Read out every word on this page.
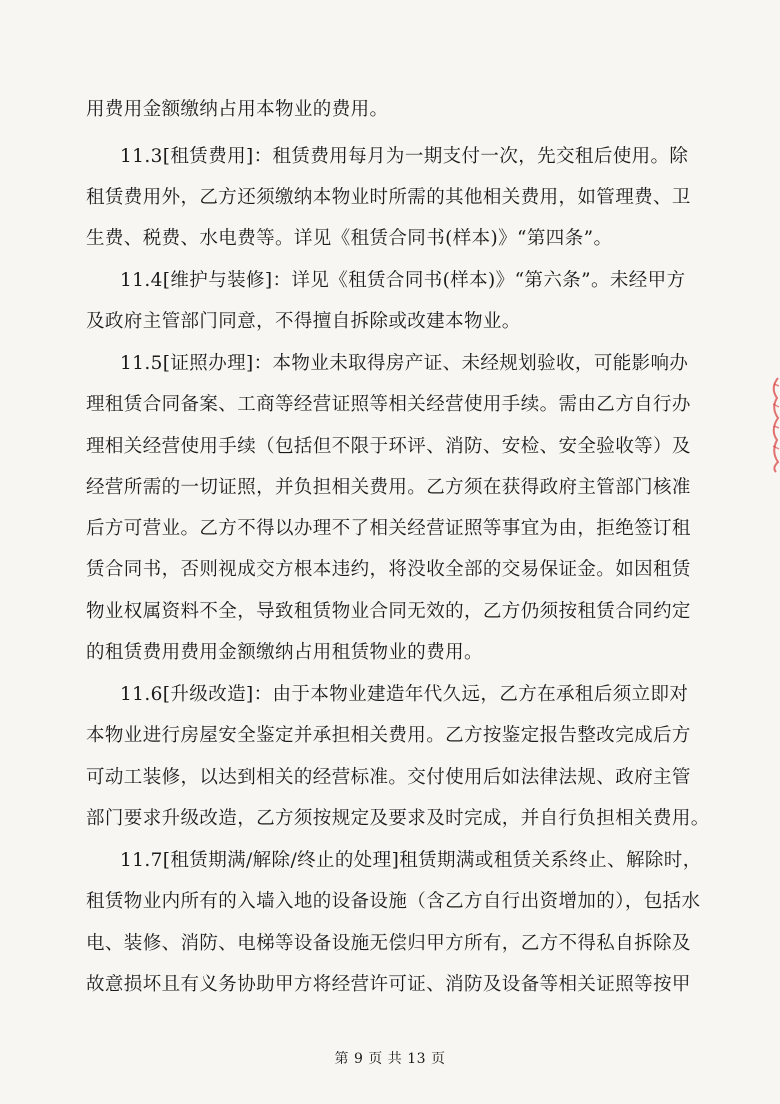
用费用金额缴纳占用本物业的费用。
11.3[租赁费用]：租赁费用每月为一期支付一次，先交租后使用。除
租赁费用外，乙方还须缴纳本物业时所需的其他相关费用，如管理费、卫
生费、税费、水电费等。详见《租赁合同书(样本)》“第四条”。
11.4[维护与装修]：详见《租赁合同书(样本)》“第六条”。未经甲方
及政府主管部门同意，不得擅自拆除或改建本物业。
11.5[证照办理]：本物业未取得房产证、未经规划验收，可能影响办
理租赁合同备案、工商等经营证照等相关经营使用手续。需由乙方自行办
理相关经营使用手续（包括但不限于环评、消防、安检、安全验收等）及
经营所需的一切证照，并负担相关费用。乙方须在获得政府主管部门核准
后方可营业。乙方不得以办理不了相关经营证照等事宜为由，拒绝签订租
赁合同书，否则视成交方根本违约，将没收全部的交易保证金。如因租赁
物业权属资料不全，导致租赁物业合同无效的，乙方仍须按租赁合同约定
的租赁费用费用金额缴纳占用租赁物业的费用。
11.6[升级改造]：由于本物业建造年代久远，乙方在承租后须立即对
本物业进行房屋安全鉴定并承担相关费用。乙方按鉴定报告整改完成后方
可动工装修，以达到相关的经营标准。交付使用后如法律法规、政府主管
部门要求升级改造，乙方须按规定及要求及时完成，并自行负担相关费用。
11.7[租赁期满/解除/终止的处理]租赁期满或租赁关系终止、解除时，
租赁物业内所有的入墙入地的设备设施（含乙方自行出资增加的），包括水
电、装修、消防、电梯等设备设施无偿归甲方所有，乙方不得私自拆除及
故意损坏且有义务协助甲方将经营许可证、消防及设备等相关证照等按甲
第 9 页 共 13 页
